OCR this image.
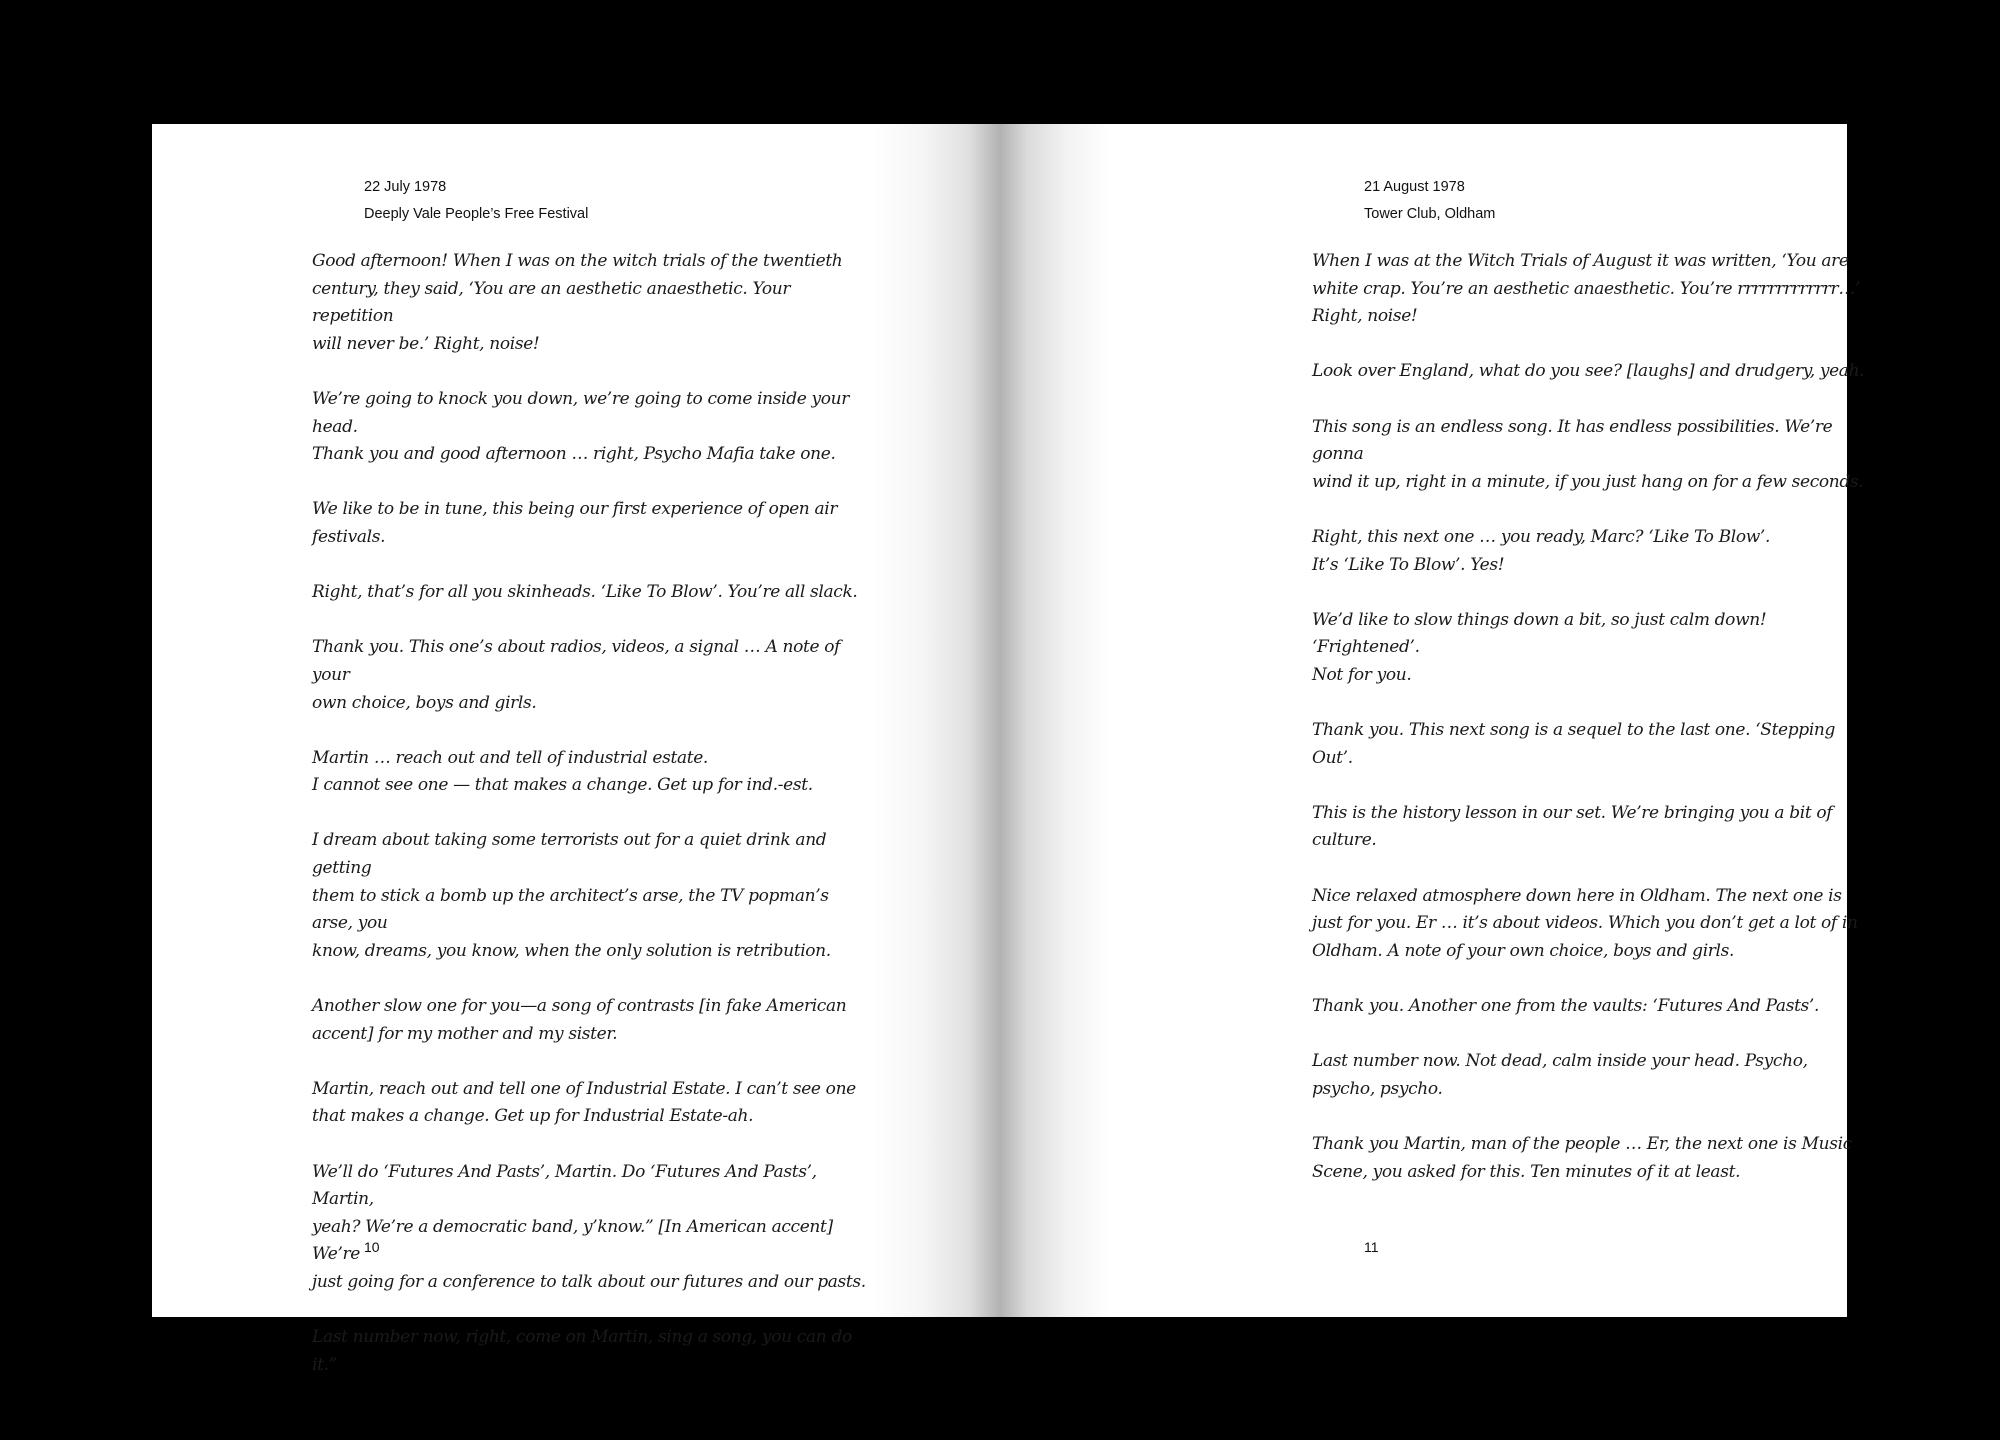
22 July 1978
Deeply Vale People’s Free Festival

Good afternoon! When I was on the witch trials of the twentieth
century, they said, ‘You are an aesthetic anaesthetic. Your repetition
will never be.’ Right, noise!

We’re going to knock you down, we’re going to come inside your head.
Thank you and good afternoon … right, Psycho Mafia take one.

We like to be in tune, this being our first experience of open air festivals.

Right, that’s for all you skinheads. ‘Like To Blow’. You’re all slack.

Thank you. This one’s about radios, videos, a signal … A note of your
own choice, boys and girls.

Martin … reach out and tell of industrial estate.
I cannot see one — that makes a change. Get up for ind.-est.

I dream about taking some terrorists out for a quiet drink and getting
them to stick a bomb up the architect’s arse, the TV popman’s arse, you
know, dreams, you know, when the only solution is retribution.

Another slow one for you—a song of contrasts [in fake American
accent] for my mother and my sister.

Martin, reach out and tell one of Industrial Estate. I can’t see one
that makes a change. Get up for Industrial Estate-ah.

We’ll do ‘Futures And Pasts’, Martin. Do ‘Futures And Pasts’, Martin,
yeah? We’re a democratic band, y’know.” [In American accent] We’re
just going for a conference to talk about our futures and our pasts.

Last number now, right, come on Martin, sing a song, you can do it.”

10
21 August 1978
Tower Club, Oldham

When I was at the Witch Trials of August it was written, ‘You are
white crap. You’re an aesthetic anaesthetic. You’re rrrrrrrrrrrrr…’
Right, noise!

Look over England, what do you see? [laughs] and drudgery, yeah.

This song is an endless song. It has endless possibilities. We’re gonna
wind it up, right in a minute, if you just hang on for a few seconds.

Right, this next one … you ready, Marc? ‘Like To Blow’.
It’s ‘Like To Blow’. Yes!

We’d like to slow things down a bit, so just calm down! ‘Frightened’.
Not for you.

Thank you. This next song is a sequel to the last one. ‘Stepping Out’.

This is the history lesson in our set. We’re bringing you a bit of culture.

Nice relaxed atmosphere down here in Oldham. The next one is
just for you. Er … it’s about videos. Which you don’t get a lot of in
Oldham. A note of your own choice, boys and girls.

Thank you. Another one from the vaults: ‘Futures And Pasts’.

Last number now. Not dead, calm inside your head. Psycho,
psycho, psycho.

Thank you Martin, man of the people … Er, the next one is Music
Scene, you asked for this. Ten minutes of it at least.

11
